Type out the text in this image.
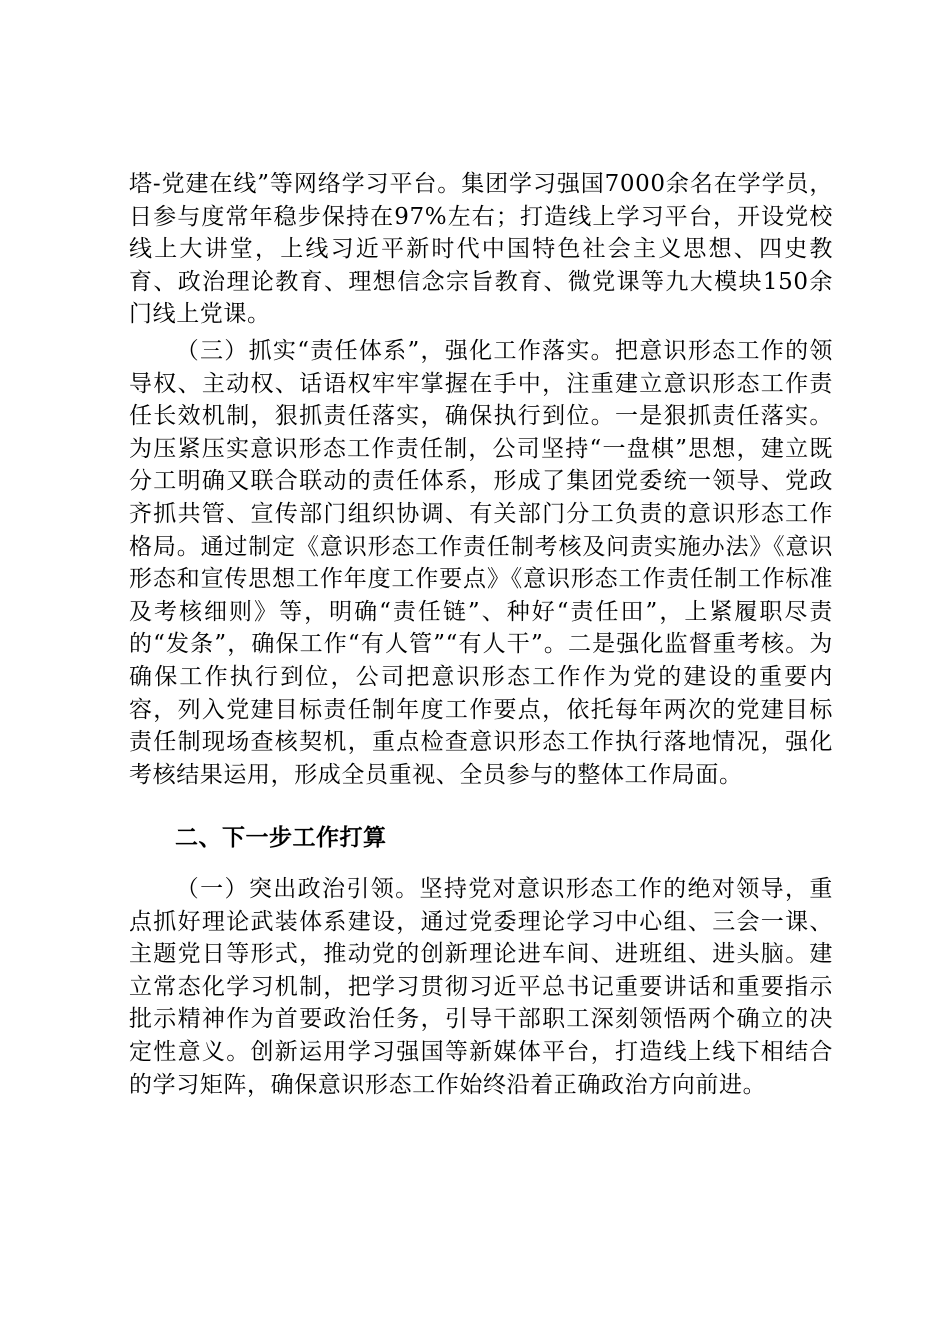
塔-党建在线”等网络学习平台。集团学习强国7000余名在学学员，日参与度常年稳步保持在97%左右；打造线上学习平台，开设党校线上大讲堂，上线习近平新时代中国特色社会主义思想、四史教育、政治理论教育、理想信念宗旨教育、微党课等九大模块150余门线上党课。

（三）抓实“责任体系”，强化工作落实。把意识形态工作的领导权、主动权、话语权牢牢掌握在手中，注重建立意识形态工作责任长效机制，狠抓责任落实，确保执行到位。一是狠抓责任落实。为压紧压实意识形态工作责任制，公司坚持“一盘棋”思想，建立既分工明确又联合联动的责任体系，形成了集团党委统一领导、党政齐抓共管、宣传部门组织协调、有关部门分工负责的意识形态工作格局。通过制定《意识形态工作责任制考核及问责实施办法》《意识形态和宣传思想工作年度工作要点》《意识形态工作责任制工作标准及考核细则》等，明确“责任链”、种好“责任田”，上紧履职尽责的“发条”，确保工作“有人管”“有人干”。二是强化监督重考核。为确保工作执行到位，公司把意识形态工作作为党的建设的重要内容，列入党建目标责任制年度工作要点，依托每年两次的党建目标责任制现场查核契机，重点检查意识形态工作执行落地情况，强化考核结果运用，形成全员重视、全员参与的整体工作局面。

二、下一步工作打算

（一）突出政治引领。坚持党对意识形态工作的绝对领导，重点抓好理论武装体系建设，通过党委理论学习中心组、三会一课、主题党日等形式，推动党的创新理论进车间、进班组、进头脑。建立常态化学习机制，把学习贯彻习近平总书记重要讲话和重要指示批示精神作为首要政治任务，引导干部职工深刻领悟两个确立的决定性意义。创新运用学习强国等新媒体平台，打造线上线下相结合的学习矩阵，确保意识形态工作始终沿着正确政治方向前进。
